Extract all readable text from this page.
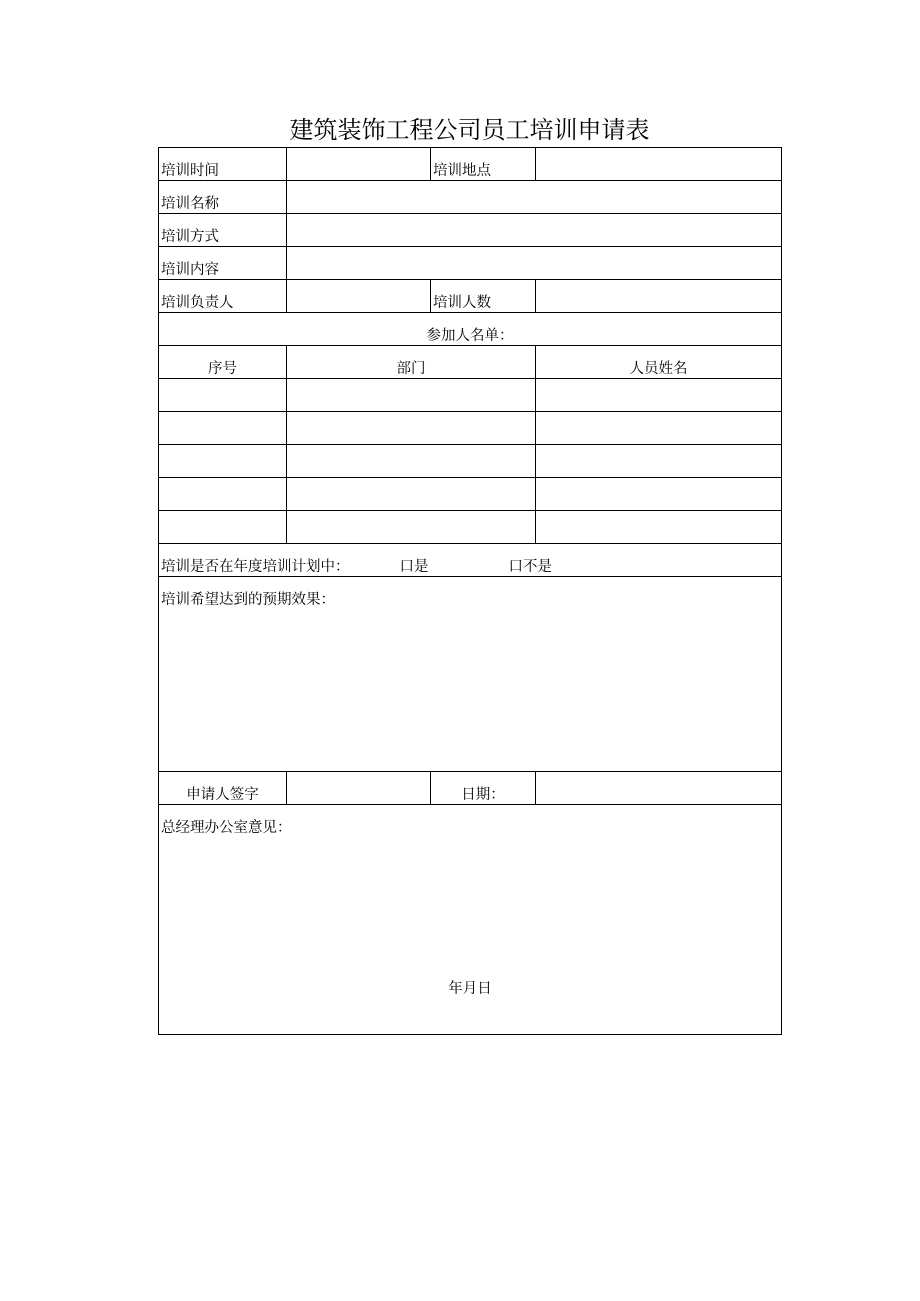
建筑装饰工程公司员工培训申请表
培训时间		培训地点	
培训名称			
培训方式			
培训内容			
培训负责人		培训人数	
参加人名单：			
序号	部门		人员姓名

培训是否在年度培训计划中： 口是 口不是			
培训希望达到的预期效果：			
申请人签字		日期：	
总经理办公室意见：
年月日			
